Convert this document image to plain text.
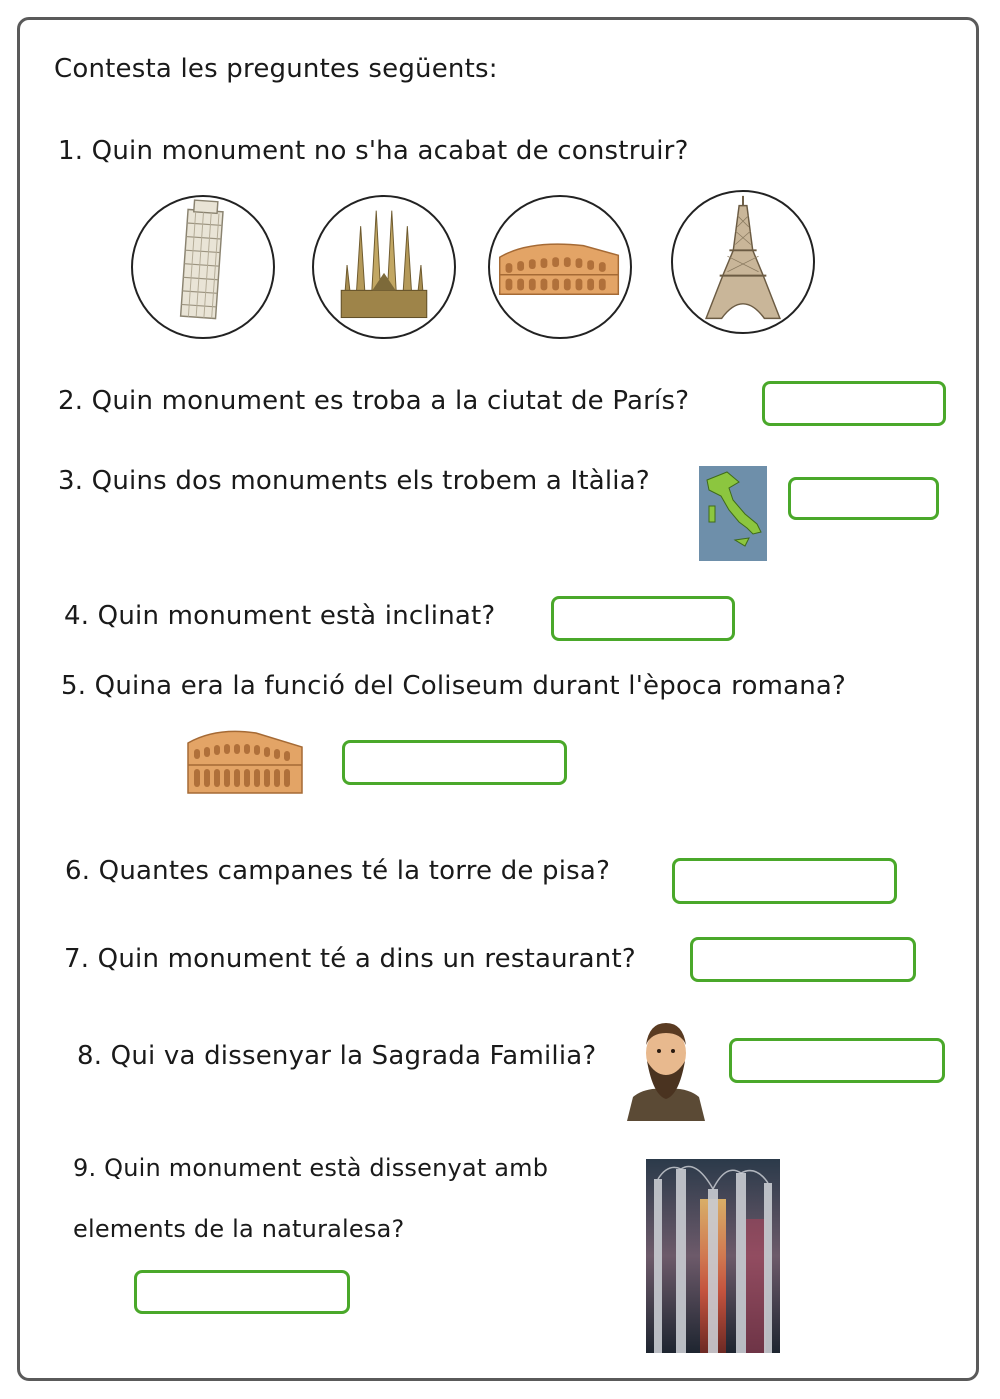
Contesta les preguntes següents:
1. Quin monument no s'ha acabat de construir?
2. Quin monument es troba a la ciutat de París?
3. Quins dos monuments els trobem a Itàlia?
4. Quin monument està inclinat?
5. Quina era la funció del Coliseum durant l'època romana?
6. Quantes campanes té la torre de pisa?
7. Quin monument té a dins un restaurant?
8. Qui va dissenyar la Sagrada Familia?
9. Quin monument està dissenyat amb
elements de la naturalesa?
